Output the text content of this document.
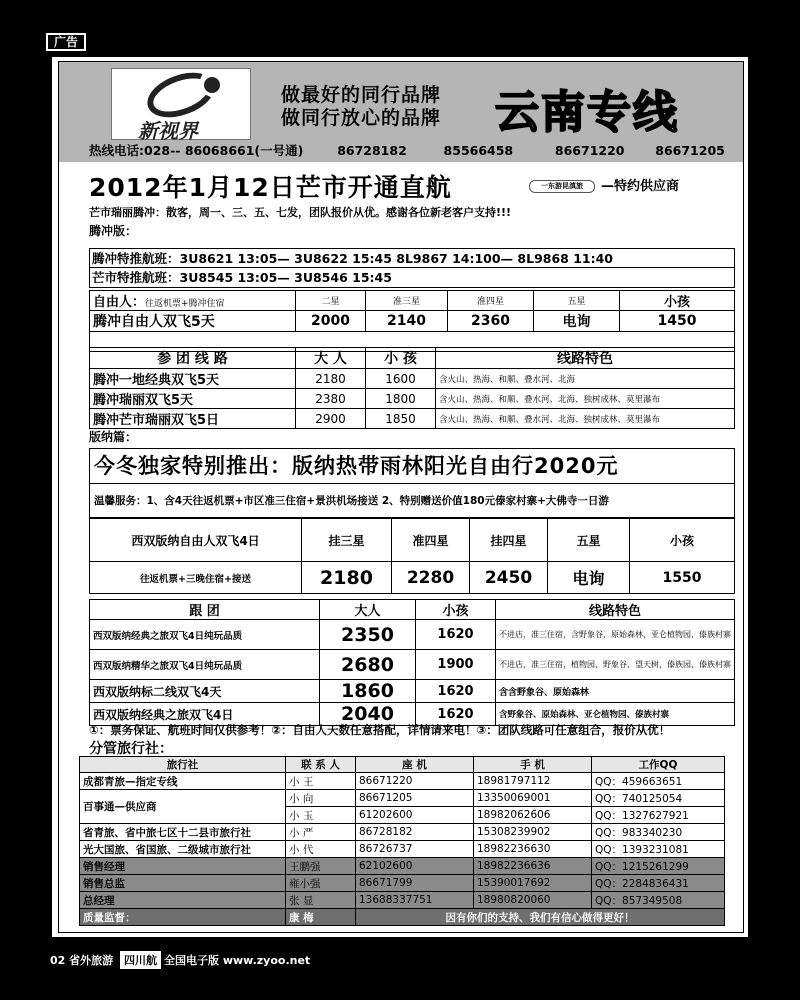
广告
新视界
做最好的同行品牌
做同行放心的品牌 云南专线
热线电话:028-- 86068661(一号通)	86728182	85566458	86671220 86671205
2012年1月12日芒市开通直航	一东游昆滇旅 —特约供应商
芒市瑞丽腾冲：散客，周一、三、五、七发，团队报价从优。感谢各位新老客户支持!!!
腾冲版：
腾冲特推航班：3U8621 13:05— 3U8622 15:45 8L9867 14:100— 8L9868 11:40
芒市特推航班：3U8545 13:05— 3U8546 15:45
自由人：往返机票+腾冲住宿	二星	准三星	准四星	五星	小孩
腾冲自由人双飞5天	2000	2140	2360	电询	1450

参 团 线 路	大 人	小 孩	线路特色
腾冲一地经典双飞5天	2180	1600	含火山、热海、和顺、叠水河、北海
腾冲瑞丽双飞5天	2380	1800	含火山、热海、和顺、叠水河、北海、独树成林、莫里瀑布
腾冲芒市瑞丽双飞5日	2900	1850	含火山、热海、和顺、叠水河、北海、独树成林、莫里瀑布
版纳篇：
今冬独家特别推出：版纳热带雨林阳光自由行2020元
温馨服务：1、含4天往返机票+市区准三住宿+景洪机场接送 2、特别赠送价值180元傣家村寨+大佛寺一日游
西双版纳自由人双飞4日	挂三星	准四星	挂四星	五星	小孩
往返机票+三晚住宿+接送	2180	2280	2450	电询	1550
跟 团	大人	小孩	线路特色
西双版纳经典之旅双飞4日纯玩品质	2350	1620	不进店，准三住宿，含野象谷，原始森林，亚仑植物园，傣族村寨
西双版纳精华之旅双飞4日纯玩品质	2680	1900	不进店，准三住宿，植物园，野象谷，望天树，傣族园，傣族村寨
西双版纳标二线双飞4天	1860	1620	含含野象谷、原始森林
西双版纳经典之旅双飞4日	2040	1620	含野象谷、原始森林、亚仑植物园、傣族村寨
①：票务保证、航班时间仅供参考！②：自由人天数任意搭配，详情请来电！③：团队线路可任意组合，报价从优！
分管旅行社：
旅行社	联 系 人	座 机	手 机	工作QQ
成都青旅—指定专线	小 王	86671220	18981797112	QQ：459663651
百事通—供应商	小 向	86671205	13350069001	QQ：740125054
	小 玉	61202600	18982062606	QQ：1327627921
省青旅、省中旅七区十二县市旅行社	小 严	86728182	15308239902	QQ：983340230
光大国旅、省国旅、二级城市旅行社	小 代	86726737	18982236630	QQ：1393231081
销售经理	王鹏强	62102600	18982236636	QQ：1215261299
销售总监	雍小强	86671799	15390017692	QQ：2284836431
总经理	张 显	13688337751	18980820060	QQ：857349508
质量监督：	康 梅	因有你们的支持、我们有信心做得更好！		
02 省外旅游 四川航 全国电子版 www.zyoo.net
